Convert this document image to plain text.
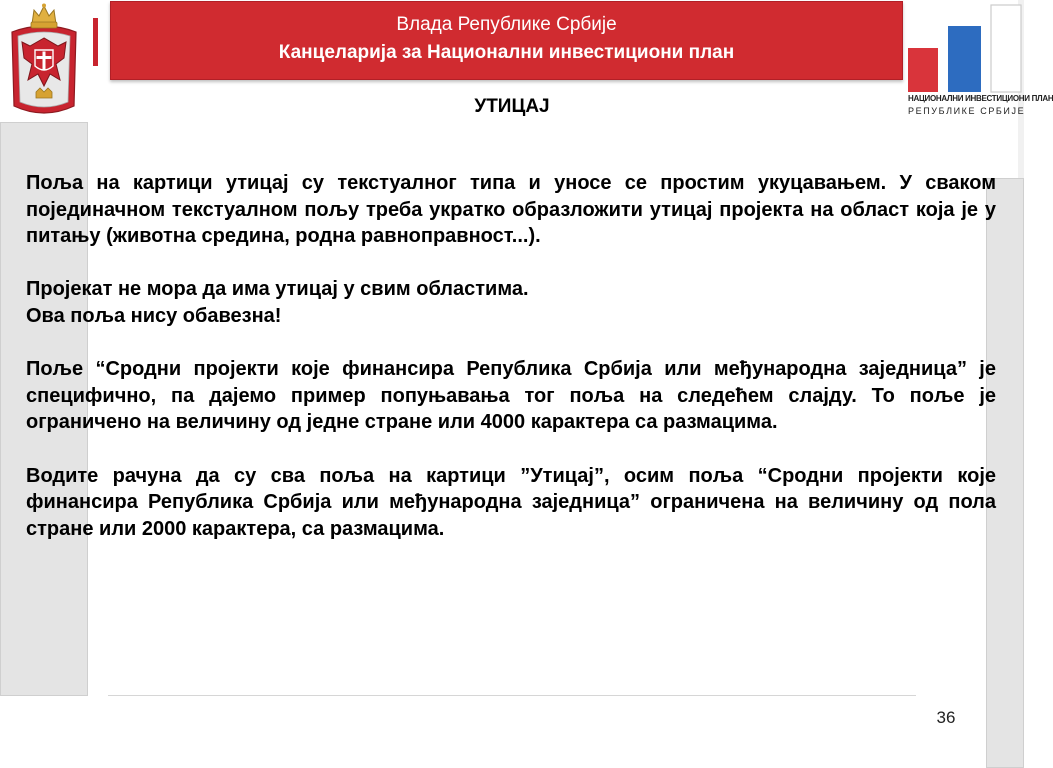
Влада Републике Србије
Канцеларија за Национални инвестициони план
НАЦИОНАЛНИ ИНВЕСТИЦИОНИ ПЛАН
РЕПУБЛИКЕ СРБИЈЕ
УТИЦАЈ

Поља на картици утицај су текстуалног типа и уносе се простим укуцавањем. У сваком појединачном текстуалном пољу треба укратко образложити утицај пројекта на област која је у питању (животна средина, родна равноправност...).

Пројекат не мора да има утицај у свим областима.

Ова поља нису обавезна!

Поље “Сродни пројекти које финансира Република Србија или међународна заједница” је специфично, па дајемо пример попуњавања тог поља на следећем слајду. То поље је ограничено на величину од једне стране или 4000 карактера са размацима.

Водите рачуна да су сва поља на картици ”Утицај”, осим поља “Сродни пројекти које финансира Република Србија или међународна заједница” ограничена на величину од пола стране или 2000 карактера, са размацима.

36
